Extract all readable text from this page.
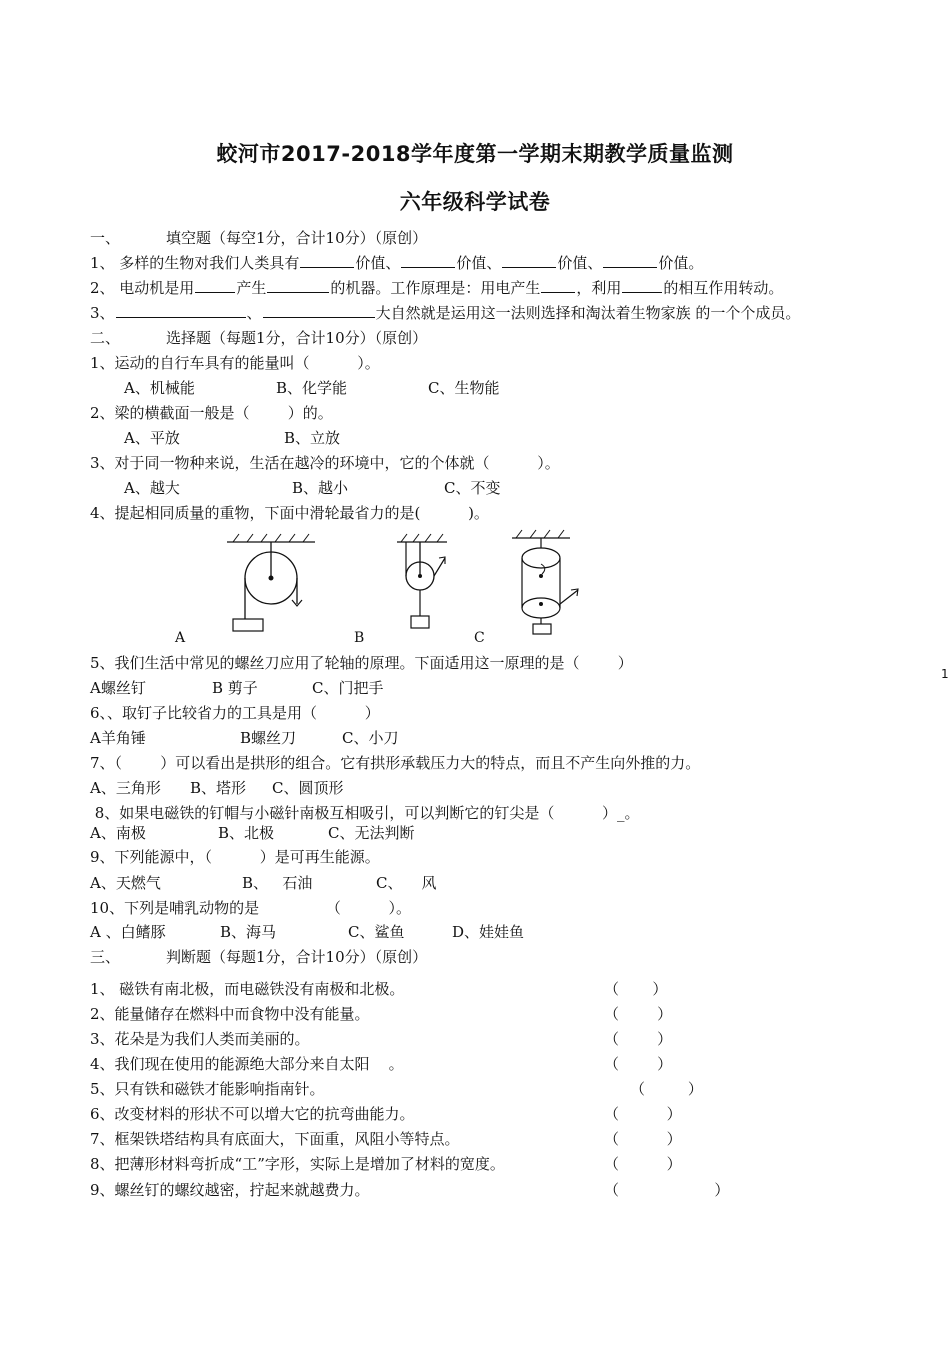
蛟河市2017-2018学年度第一学期末期教学质量监测
六年级科学试卷
一、	填空题（每空1分，合计10分）（原创）
1、 多样的生物对我们人类具有	价值、	价值、	价值、	价值。
2、 电动机是用	产生	的机器。工作原理是：用电产生 ，利用	的相互作用转动。
3、	、	大自然就是运用这一法则选择和淘汰着生物家族 的一个个成员。
二、	选择题（每题1分，合计10分）（原创）
1、运动的自行车具有的能量叫（          ）。
A、机械能	B、化学能	C、生物能
2、梁的横截面一般是（        ）的。
A、平放	B、立放
3、对于同一物种来说，生活在越冷的环境中，它的个体就（          ）。
A、越大	B、越小	C、不变
4、提起相同质量的重物，下面中滑轮最省力的是(          )。
A	B	C
5、我们生活中常见的螺丝刀应用了轮轴的原理。下面适用这一原理的是（        ）
A螺丝钉	B 剪子	C、门把手
6、、取钉子比较省力的工具是用（          ）
A羊角锤	B螺丝刀	C、小刀
7、（        ）可以看出是拱形的组合。它有拱形承载压力大的特点，而且不产生向外推的力。
A、三角形 B、塔形 C、圆顶形
8、如果电磁铁的钉帽与小磁针南极互相吸引，可以判断它的钉尖是（          ）_。
A、南极	B、北极	C、无法判断
9、下列能源中，（          ）是可再生能源。
A、天燃气	B、   石油	C、    风
10、下列是哺乳动物的是              （          ）。
A 、白鳍豚	B、海马	C、鲨鱼	D、娃娃鱼
三、	判断题（每题1分，合计10分）（原创）
1、 磁铁有南北极，而电磁铁没有南极和北极。	（       ）
2、能量储存在燃料中而食物中没有能量。	（        ）
3、花朵是为我们人类而美丽的。	（        ）
4、我们现在使用的能源绝大部分来自太阳    。	（        ）
5、只有铁和磁铁才能影响指南针。	（         ）
6、改变材料的形状不可以增大它的抗弯曲能力。	（          ）
7、框架铁塔结构具有底面大，下面重，风阻小等特点。	（          ）
8、把薄形材料弯折成“工”字形，实际上是增加了材料的宽度。	（          ）
9、螺丝钉的螺纹越密，拧起来就越费力。	（                    ）
1
